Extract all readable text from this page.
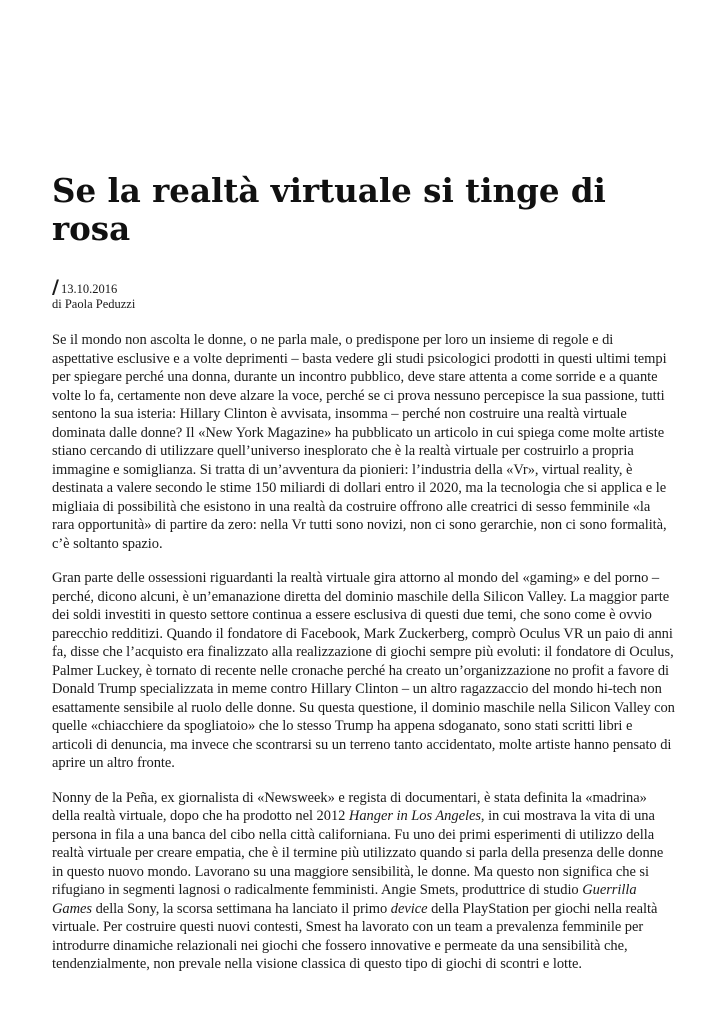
Se la realtà virtuale si tinge di rosa
/ 13.10.2016
di Paola Peduzzi

Se il mondo non ascolta le donne, o ne parla male, o predispone per loro un insieme di regole e di aspettative esclusive e a volte deprimenti – basta vedere gli studi psicologici prodotti in questi ultimi tempi per spiegare perché una donna, durante un incontro pubblico, deve stare attenta a come sorride e a quante volte lo fa, certamente non deve alzare la voce, perché se ci prova nessuno percepisce la sua passione, tutti sentono la sua isteria: Hillary Clinton è avvisata, insomma – perché non costruire una realtà virtuale dominata dalle donne? Il «New York Magazine» ha pubblicato un articolo in cui spiega come molte artiste stiano cercando di utilizzare quell’universo inesplorato che è la realtà virtuale per costruirlo a propria immagine e somiglianza. Si tratta di un’avventura da pionieri: l’industria della «Vr», virtual reality, è destinata a valere secondo le stime 150 miliardi di dollari entro il 2020, ma la tecnologia che si applica e le migliaia di possibilità che esistono in una realtà da costruire offrono alle creatrici di sesso femminile «la rara opportunità» di partire da zero: nella Vr tutti sono novizi, non ci sono gerarchie, non ci sono formalità, c’è soltanto spazio.

Gran parte delle ossessioni riguardanti la realtà virtuale gira attorno al mondo del «gaming» e del porno – perché, dicono alcuni, è un’emanazione diretta del dominio maschile della Silicon Valley. La maggior parte dei soldi investiti in questo settore continua a essere esclusiva di questi due temi, che sono come è ovvio parecchio redditizi. Quando il fondatore di Facebook, Mark Zuckerberg, comprò Oculus VR un paio di anni fa, disse che l’acquisto era finalizzato alla realizzazione di giochi sempre più evoluti: il fondatore di Oculus, Palmer Luckey, è tornato di recente nelle cronache perché ha creato un’organizzazione no profit a favore di Donald Trump specializzata in meme contro Hillary Clinton – un altro ragazzaccio del mondo hi-tech non esattamente sensibile al ruolo delle donne. Su questa questione, il dominio maschile nella Silicon Valley con quelle «chiacchiere da spogliatoio» che lo stesso Trump ha appena sdoganato, sono stati scritti libri e articoli di denuncia, ma invece che scontrarsi su un terreno tanto accidentato, molte artiste hanno pensato di aprire un altro fronte.

Nonny de la Peña, ex giornalista di «Newsweek» e regista di documentari, è stata definita la «madrina» della realtà virtuale, dopo che ha prodotto nel 2012 Hanger in Los Angeles, in cui mostrava la vita di una persona in fila a una banca del cibo nella città californiana. Fu uno dei primi esperimenti di utilizzo della realtà virtuale per creare empatia, che è il termine più utilizzato quando si parla della presenza delle donne in questo nuovo mondo. Lavorano su una maggiore sensibilità, le donne. Ma questo non significa che si rifugiano in segmenti lagnosi o radicalmente femministi. Angie Smets, produttrice di studio Guerrilla Games della Sony, la scorsa settimana ha lanciato il primo device della PlayStation per giochi nella realtà virtuale. Per costruire questi nuovi contesti, Smest ha lavorato con un team a prevalenza femminile per introdurre dinamiche relazionali nei giochi che fossero innovative e permeate da una sensibilità che, tendenzialmente, non prevale nella visione classica di questo tipo di giochi di scontri e lotte.
